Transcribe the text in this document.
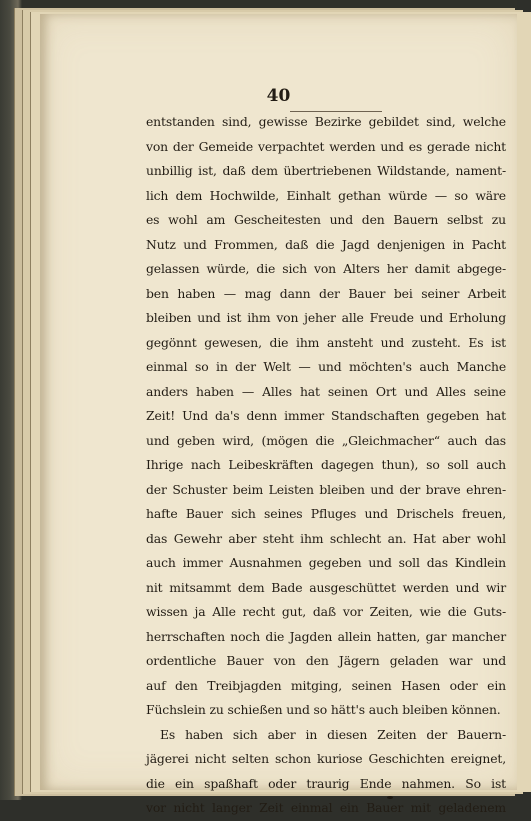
40
entstanden sind, gewisse Bezirke gebildet sind, welche
von der Gemeide verpachtet werden und es gerade nicht
unbillig ist, daß dem übertriebenen Wildstande, nament-
lich dem Hochwilde, Einhalt gethan würde — so wäre
es wohl am Gescheitesten und den Bauern selbst zu
Nutz und Frommen, daß die Jagd denjenigen in Pacht
gelassen würde, die sich von Alters her damit abgege-
ben haben — mag dann der Bauer bei seiner Arbeit
bleiben und ist ihm von jeher alle Freude und Erholung
gegönnt gewesen, die ihm ansteht und zusteht. Es ist
einmal so in der Welt — und möchten's auch Manche
anders haben — Alles hat seinen Ort und Alles seine
Zeit! Und da's denn immer Standschaften gegeben hat
und geben wird, (mögen die „Gleichmacher“ auch das
Ihrige nach Leibeskräften dagegen thun), so soll auch
der Schuster beim Leisten bleiben und der brave ehren-
hafte Bauer sich seines Pfluges und Drischels freuen,
das Gewehr aber steht ihm schlecht an. Hat aber wohl
auch immer Ausnahmen gegeben und soll das Kindlein
nit mitsammt dem Bade ausgeschüttet werden und wir
wissen ja Alle recht gut, daß vor Zeiten, wie die Guts-
herrschaften noch die Jagden allein hatten, gar mancher
ordentliche Bauer von den Jägern geladen war und
auf den Treibjagden mitging, seinen Hasen oder ein
Füchslein zu schießen und so hätt's auch bleiben können.
Es haben sich aber in diesen Zeiten der Bauern-
jägerei nicht selten schon kuriose Geschichten ereignet,
die ein spaßhaft oder traurig Ende nahmen. So ist
vor nicht langer Zeit einmal ein Bauer mit geladenem
